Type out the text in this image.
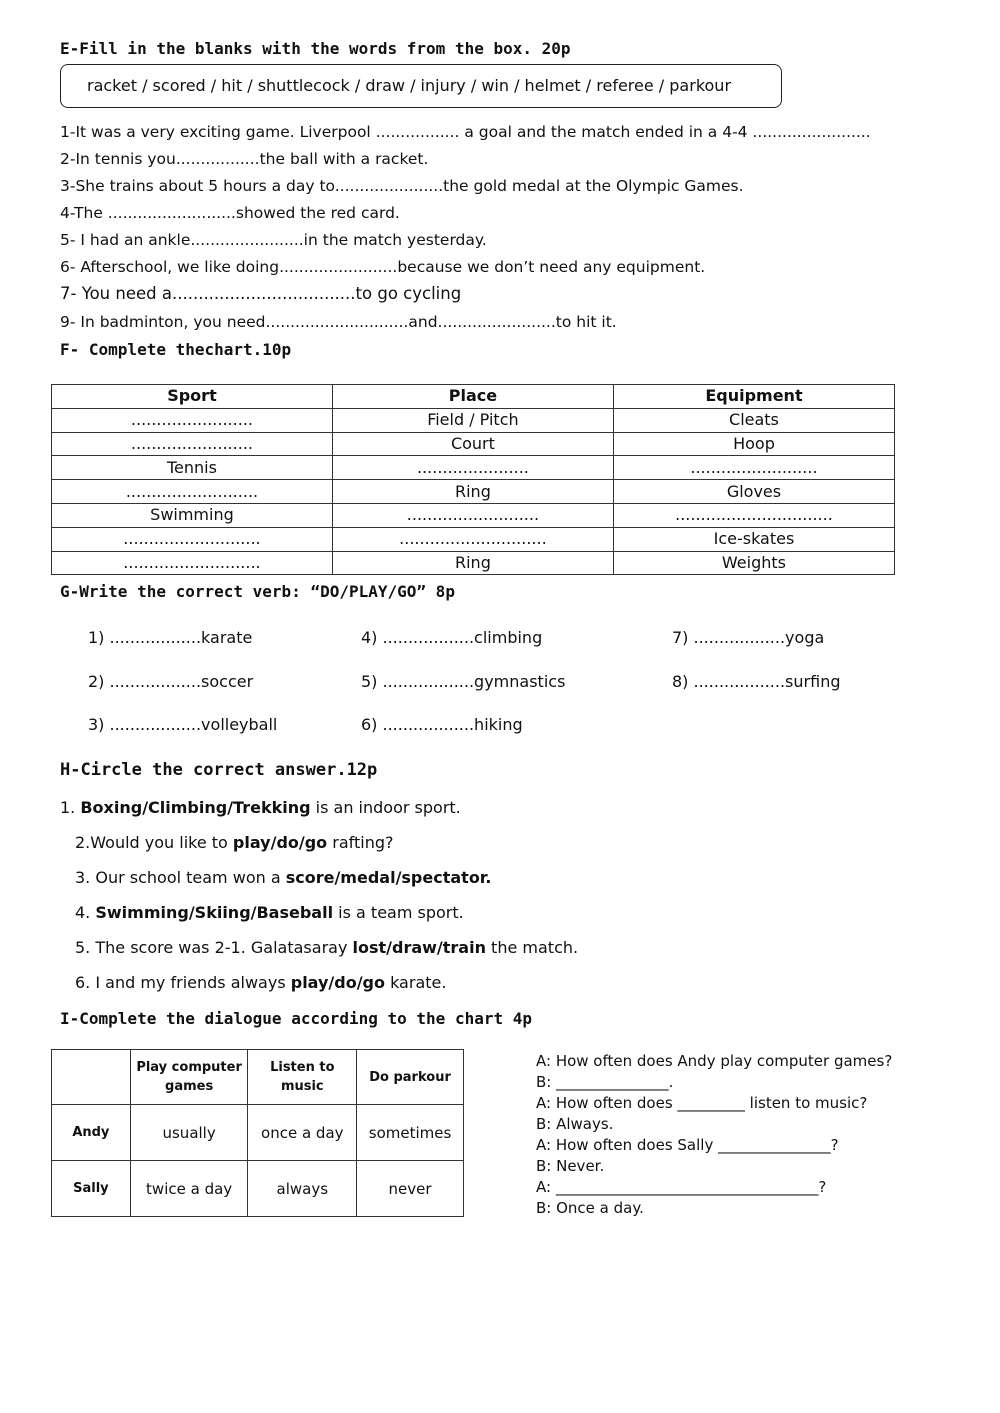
E-Fill in the blanks with the words from the box. 20p
racket / scored / hit / shuttlecock / draw / injury / win / helmet / referee / parkour
1-It was a very exciting game. Liverpool ................. a goal and the match ended in a 4-4 ........................
2-In tennis you.................the ball with a racket.
3-She trains about 5 hours a day to......................the gold medal at the Olympic Games.
4-The ..........................showed the red card.
5- I had an ankle.......................in the match yesterday.
6- Afterschool, we like doing........................because we don’t need any equipment.
7- You need a...................................to go cycling
9- In badminton, you need.............................and........................to hit it.
F- Complete thechart.10p
Sport	Place	Equipment
........................	Field / Pitch	Cleats
........................	Court	Hoop
Tennis	......................	.........................
..........................	Ring	Gloves
Swimming	..........................	...............................
...........................	.............................	Ice-skates
...........................	Ring	Weights
G-Write the correct verb: “DO/PLAY/GO” 8p
1) ..................karate	4) ..................climbing	7) ..................yoga
2) ..................soccer	5) ..................gymnastics	8) ..................surfing
3) ..................volleyball	6) ..................hiking
H-Circle the correct answer.12p
1. Boxing/Climbing/Trekking is an indoor sport.
2.Would you like to play/do/go rafting?
3. Our school team won a score/medal/spectator.
4. Swimming/Skiing/Baseball is a team sport.
5. The score was 2-1. Galatasaray lost/draw/train the match.
6. I and my friends always play/do/go karate.
I-Complete the dialogue according to the chart 4p
	Play computer games	Listen to music	Do parkour
Andy	usually	once a day	sometimes
Sally	twice a day	always	never
A: How often does Andy play computer games?
B: _______________.
A: How often does _________ listen to music?
B: Always.
A: How often does Sally _______________?
B: Never.
A: ___________________________________?
B: Once a day.
